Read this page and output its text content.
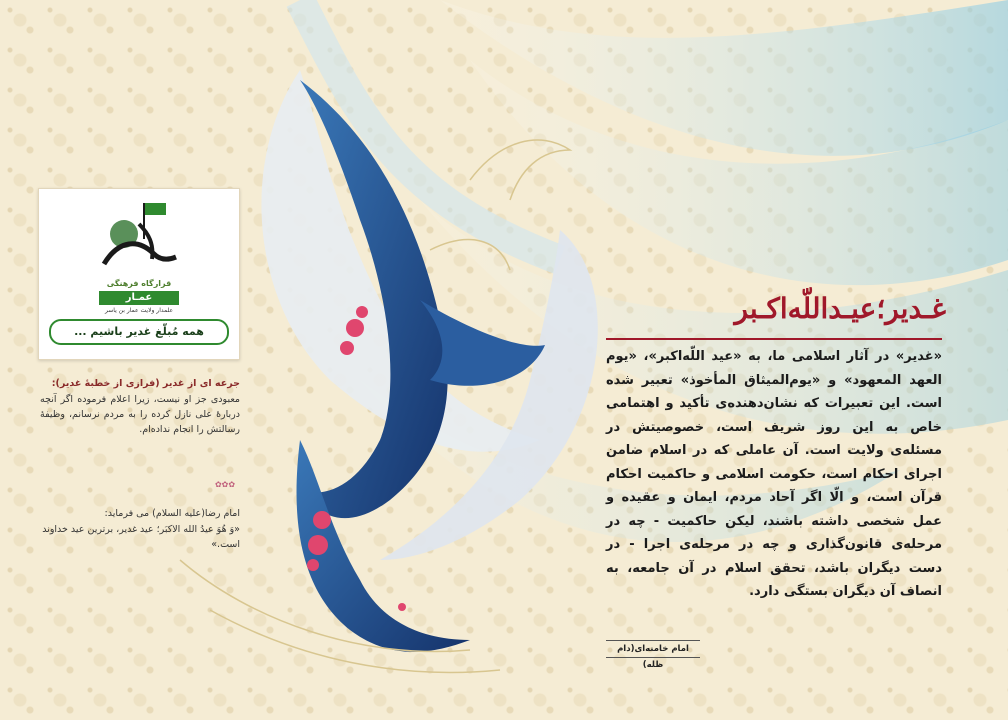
قرارگاه فرهنگی
عمـار
علمدار ولایت عمار بن یاسر
همه مُبلّغ غدیر باشیم ...
جرعه ای از غدیر (فرازی از خطبهٔ غدیر):
معبودی جز او نیست، زیرا اعلام فرموده اگر آنچه دربارهٔ علی نازل کرده را به مردم نرسانم، وظیفهٔ رسالتش را انجام نداده‌ام.
✿✿✿
امام رضا(علیه السلام) می فرماید:
«وَ هُوَ عیدُ الله الاکبَر؛ عید غدیر، برترین عید خداوند است.»
غـدیر؛عیـداللّه‌اکـبر

«غدیر» در آثار اسلامی ما، به «عید اللّه‌اکبر»، «یوم العهد المعهود» و «یوم‌المیثاق المأخوذ» تعبیر شده است. این تعبیرات که نشان‌دهنده‌ی تأکید و اهتمامی خاص به این روز شریف است، خصوصیتش در مسئله‌ی ولایت است. آن عاملی که در اسلام ضامن اجرای احکام است، حکومت اسلامی و حاکمیت احکام قرآن است، و الّا اگر آحاد مردم، ایمان و عقیده و عمل شخصی داشته باشند، لیکن حاکمیت - چه در مرحله‌ی قانون‌گذاری و چه در مرحله‌ی اجرا - در دست دیگران باشد، تحقق اسلام در آن جامعه، به انصاف آن دیگران بستگی دارد.

امام خامنه‌ای(دام ظله)
